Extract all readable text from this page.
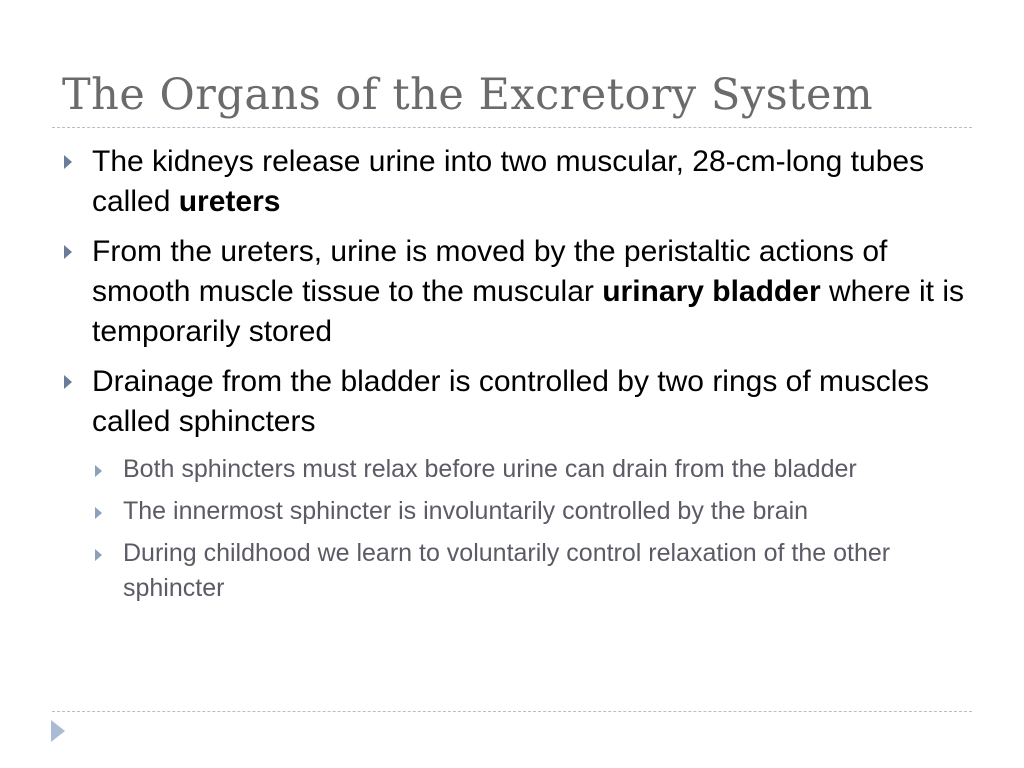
The Organs of the Excretory System
The kidneys release urine into two muscular, 28-cm-long tubes called ureters
From the ureters, urine is moved by the peristaltic actions of smooth muscle tissue to the muscular urinary bladder where it is temporarily stored
Drainage from the bladder is controlled by two rings of muscles called sphincters
Both sphincters must relax before urine can drain from the bladder
The innermost sphincter is involuntarily controlled by the brain
During childhood we learn to voluntarily control relaxation of the other sphincter
